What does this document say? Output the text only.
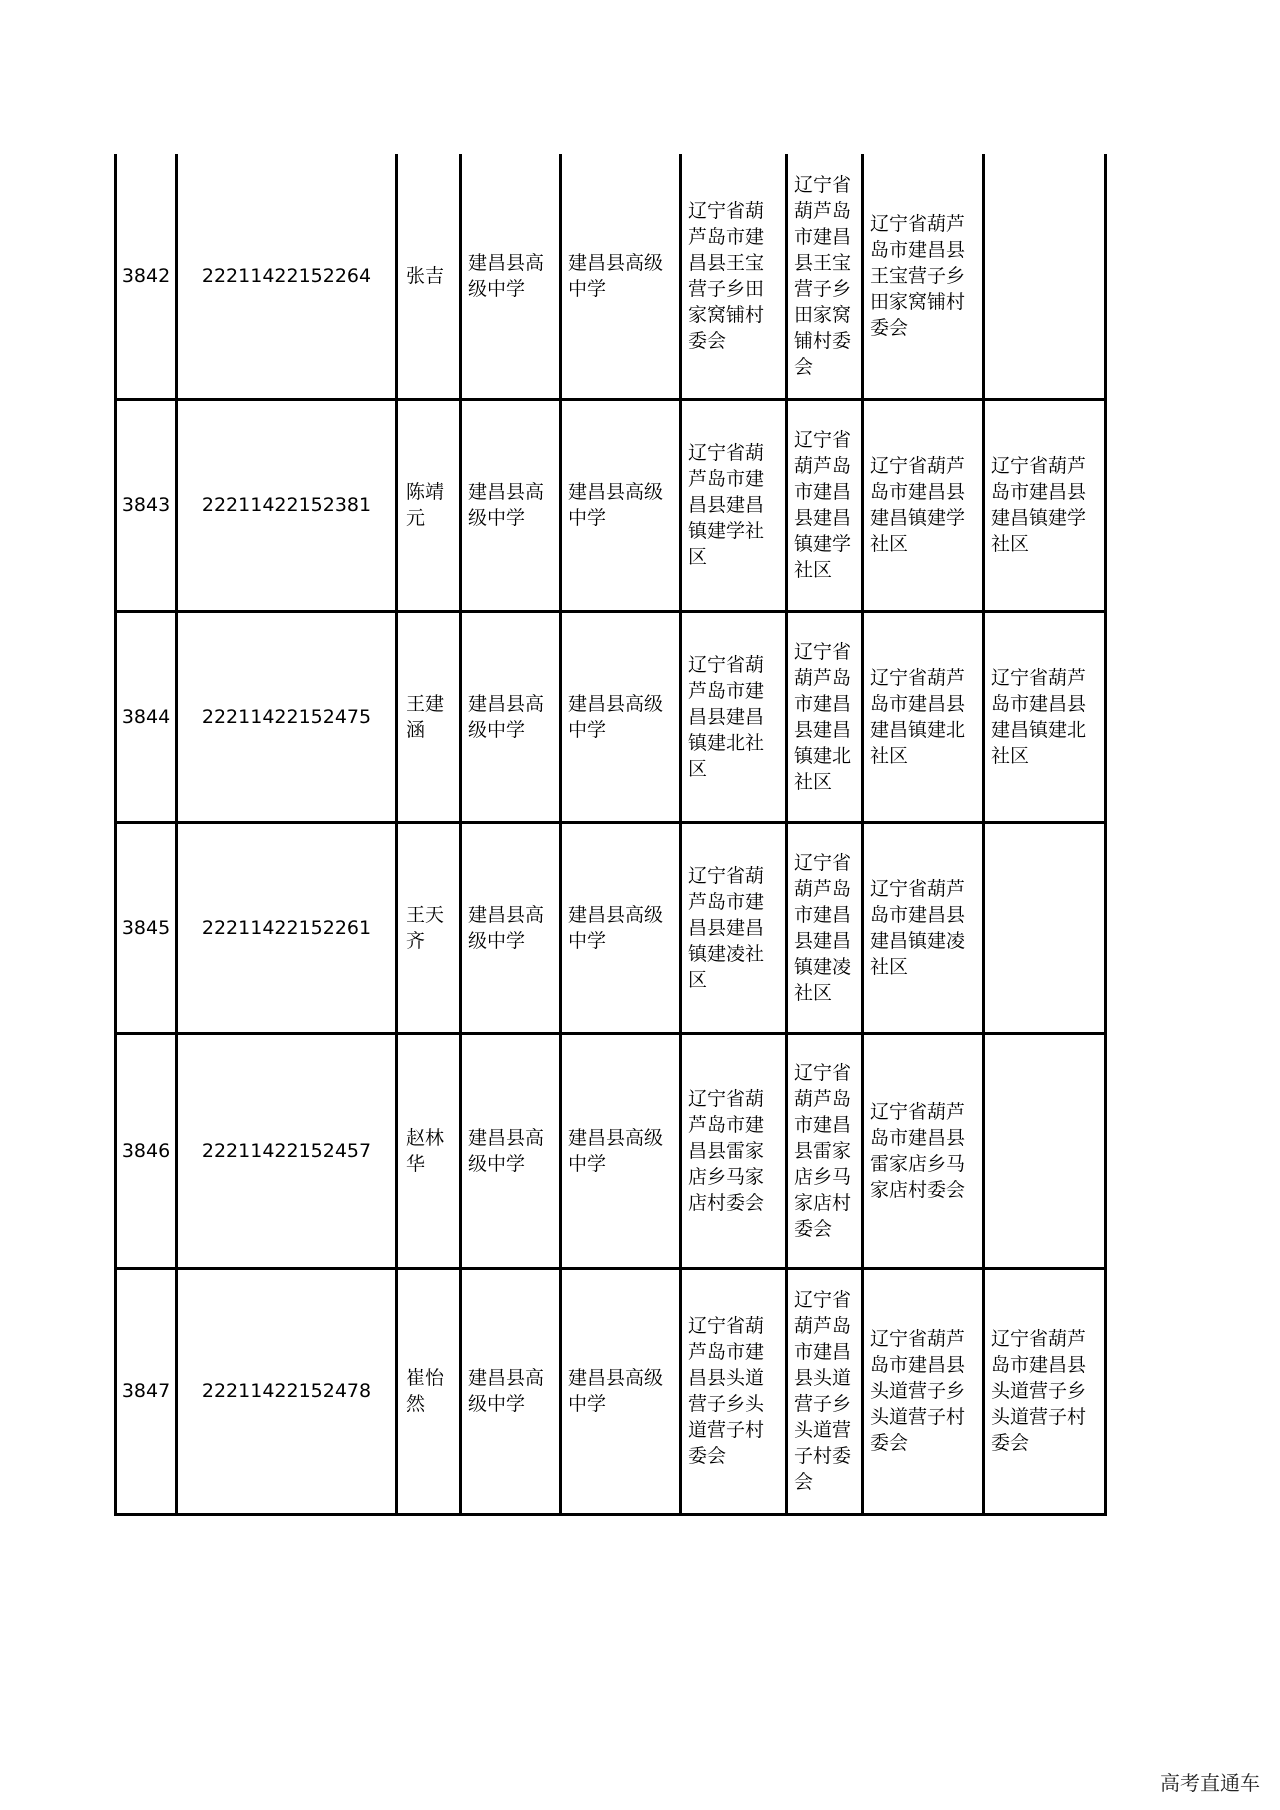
3842	22211422152264	张吉	建昌县高级中学	建昌县高级中学	辽宁省葫芦岛市建昌县王宝营子乡田家窝铺村委会	辽宁省葫芦岛市建昌县王宝营子乡田家窝铺村委会	辽宁省葫芦岛市建昌县王宝营子乡田家窝铺村委会	
3843	22211422152381	陈靖元	建昌县高级中学	建昌县高级中学	辽宁省葫芦岛市建昌县建昌镇建学社区	辽宁省葫芦岛市建昌县建昌镇建学社区	辽宁省葫芦岛市建昌县建昌镇建学社区	辽宁省葫芦岛市建昌县建昌镇建学社区
3844	22211422152475	王建涵	建昌县高级中学	建昌县高级中学	辽宁省葫芦岛市建昌县建昌镇建北社区	辽宁省葫芦岛市建昌县建昌镇建北社区	辽宁省葫芦岛市建昌县建昌镇建北社区	辽宁省葫芦岛市建昌县建昌镇建北社区
3845	22211422152261	王天齐	建昌县高级中学	建昌县高级中学	辽宁省葫芦岛市建昌县建昌镇建凌社区	辽宁省葫芦岛市建昌县建昌镇建凌社区	辽宁省葫芦岛市建昌县建昌镇建凌社区	
3846	22211422152457	赵林华	建昌县高级中学	建昌县高级中学	辽宁省葫芦岛市建昌县雷家店乡马家店村委会	辽宁省葫芦岛市建昌县雷家店乡马家店村委会	辽宁省葫芦岛市建昌县雷家店乡马家店村委会	
3847	22211422152478	崔怡然	建昌县高级中学	建昌县高级中学	辽宁省葫芦岛市建昌县头道营子乡头道营子村委会	辽宁省葫芦岛市建昌县头道营子乡头道营子村委会	辽宁省葫芦岛市建昌县头道营子乡头道营子村委会	辽宁省葫芦岛市建昌县头道营子乡头道营子村委会
高考直通车
